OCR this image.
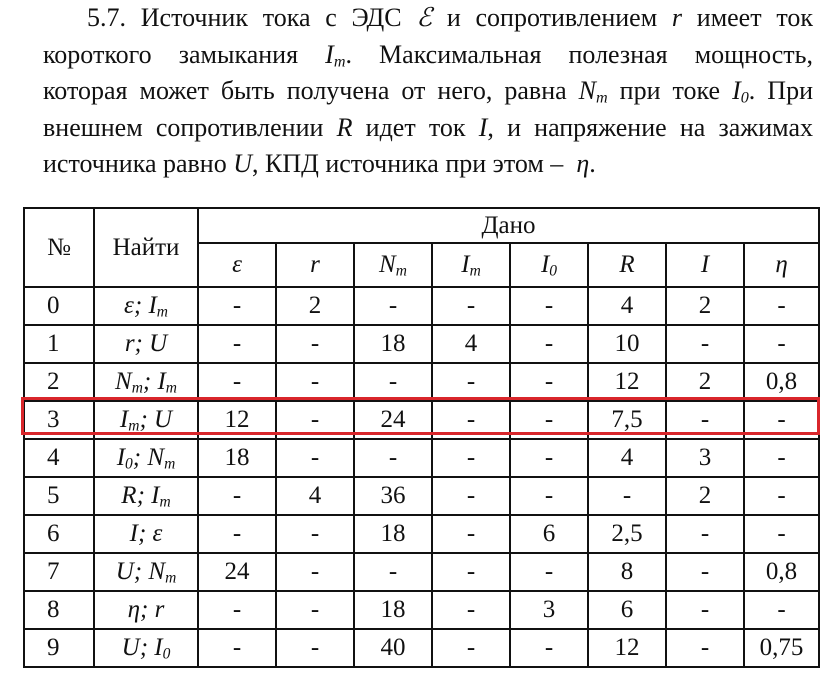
5.7. Источник тока с ЭДС ℰ и сопротивлением r имеет ток
короткого замыкания $I_m$. Максимальная полезная мощность,
которая может быть получена от него, равна $N_m$ при токе $I_0$. При
внешнем сопротивлении R идет ток I, и напряжение на зажимах
источника равно U, КПД источника при этом –  η.
№	Найти	Дано							
		ε	r	$N_m$	$I_m$	$I_0$	R	I	η
0	ε; $I_m$	-	2	-	-	-	4	2	-
1	r; U	-	-	18	4	-	10	-	-
2	$N_m$; $I_m$	-	-	-	-	-	12	2	0,8
3	$I_m$; U	12	-	24	-	-	7,5	-	-
4	$I_0$; $N_m$	18	-	-	-	-	4	3	-
5	R; $I_m$	-	4	36	-	-	-	2	-
6	I; ε	-	-	18	-	6	2,5	-	-
7	U; $N_m$	24	-	-	-	-	8	-	0,8
8	η; r	-	-	18	-	3	6	-	-
9	U; $I_0$	-	-	40	-	-	12	-	0,75
